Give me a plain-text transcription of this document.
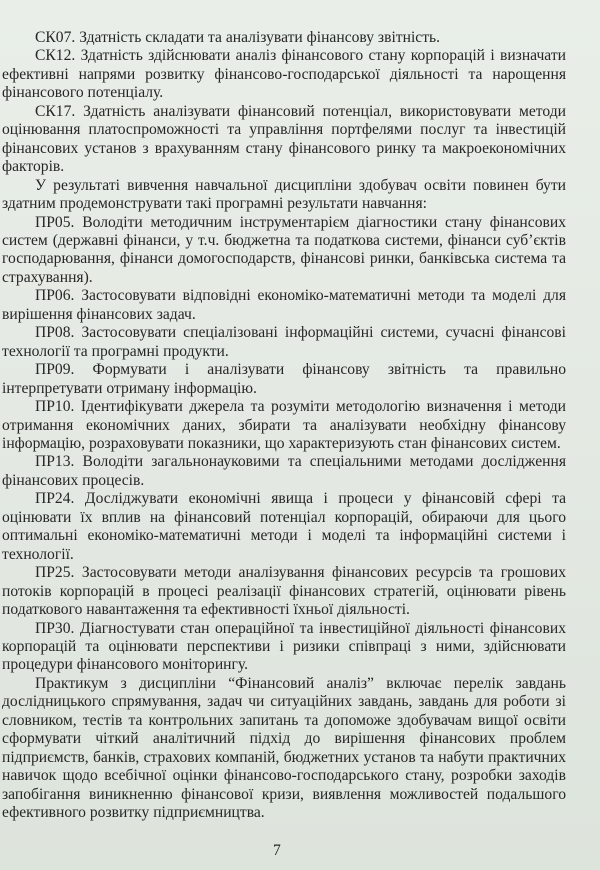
СК07. Здатність складати та аналізувати фінансову звітність.

СК12. Здатність здійснювати аналіз фінансового стану корпорацій і визначати ефективні напрями розвитку фінансово-господарської діяльності та нарощення фінансового потенціалу.

СК17. Здатність аналізувати фінансовий потенціал, використовувати методи оцінювання платоспроможності та управління портфелями послуг та інвестицій фінансових установ з врахуванням стану фінансового ринку та макроекономічних факторів.

У результаті вивчення навчальної дисципліни здобувач освіти повинен бути здатним продемонструвати такі програмні результати навчання:

ПР05. Володіти методичним інструментарієм діагностики стану фінансових систем (державні фінанси, у т.ч. бюджетна та податкова системи, фінанси суб’єктів господарювання, фінанси домогосподарств, фінансові ринки, банківська система та страхування).

ПР06. Застосовувати відповідні економіко-математичні методи та моделі для вирішення фінансових задач.

ПР08. Застосовувати спеціалізовані інформаційні системи, сучасні фінансові технології та програмні продукти.

ПР09. Формувати і аналізувати фінансову звітність та правильно інтерпретувати отриману інформацію.

ПР10. Ідентифікувати джерела та розуміти методологію визначення і методи отримання економічних даних, збирати та аналізувати необхідну фінансову інформацію, розраховувати показники, що характеризують стан фінансових систем.

ПР13. Володіти загальнонауковими та спеціальними методами дослідження фінансових процесів.

ПР24. Досліджувати економічні явища і процеси у фінансовій сфері та оцінювати їх вплив на фінансовий потенціал корпорацій, обираючи для цього оптимальні економіко-математичні методи і моделі та інформаційні системи і технології.

ПР25. Застосовувати методи аналізування фінансових ресурсів та грошових потоків корпорацій в процесі реалізації фінансових стратегій, оцінювати рівень податкового навантаження та ефективності їхньої діяльності.

ПР30. Діагностувати стан операційної та інвестиційної діяльності фінансових корпорацій та оцінювати перспективи і ризики співпраці з ними, здійснювати процедури фінансового моніторингу.

Практикум з дисципліни “Фінансовий аналіз” включає перелік завдань дослідницького спрямування, задач чи ситуаційних завдань, завдань для роботи зі словником, тестів та контрольних запитань та допоможе здобувачам вищої освіти сформувати чіткий аналітичний підхід до вирішення фінансових проблем підприємств, банків, страхових компаній, бюджетних установ та набути практичних навичок щодо всебічної оцінки фінансово-господарського стану, розробки заходів запобігання виникненню фінансової кризи, виявлення можливостей подальшого ефективного розвитку підприємництва.

7
